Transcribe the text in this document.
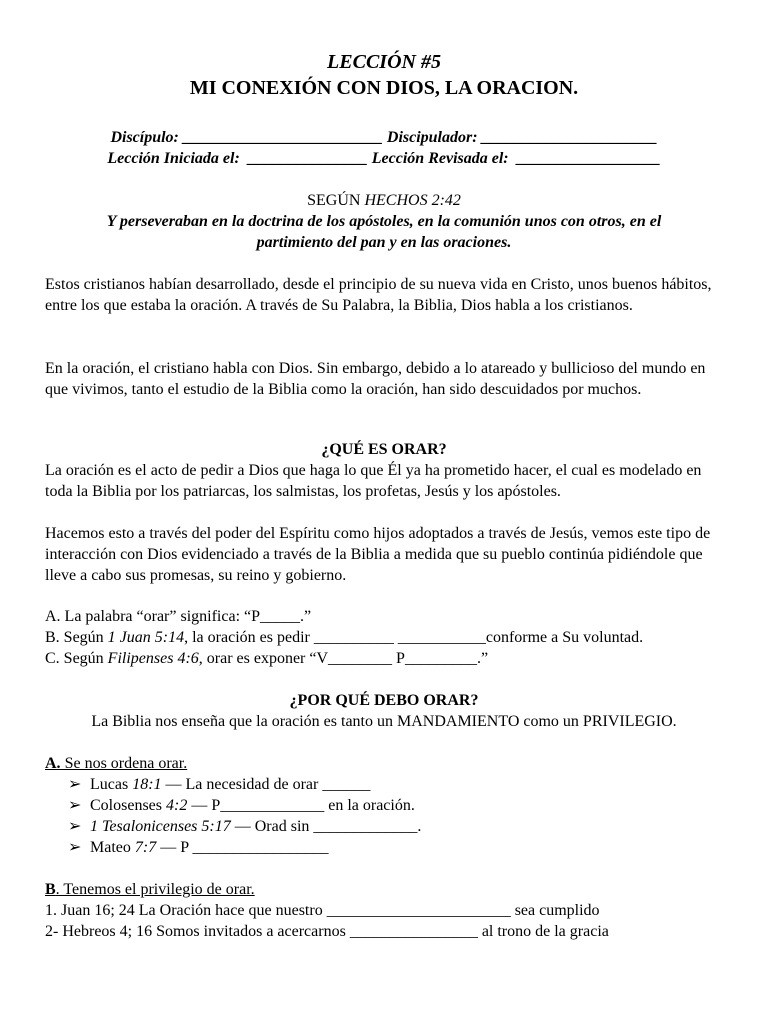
LECCIÓN #5
MI CONEXIÓN CON DIOS, LA ORACION.
Discípulo: _________________________ Discipulador: ______________________
Lección Iniciada el:  _______________ Lección Revisada el:  __________________
SEGÚN HECHOS 2:42
Y perseveraban en la doctrina de los apóstoles, en la comunión unos con otros, en el
partimiento del pan y en las oraciones.
Estos cristianos habían desarrollado, desde el principio de su nueva vida en Cristo, unos buenos hábitos, entre los que estaba la oración. A través de Su Palabra, la Biblia, Dios habla a los cristianos.
En la oración, el cristiano habla con Dios. Sin embargo, debido a lo atareado y bullicioso del mundo en que vivimos, tanto el estudio de la Biblia como la oración, han sido descuidados por muchos.
¿QUÉ ES ORAR?
La oración es el acto de pedir a Dios que haga lo que Él ya ha prometido hacer, el cual es modelado en toda la Biblia por los patriarcas, los salmistas, los profetas, Jesús y los apóstoles.
Hacemos esto a través del poder del Espíritu como hijos adoptados a través de Jesús, vemos este tipo de interacción con Dios evidenciado a través de la Biblia a medida que su pueblo continúa pidiéndole que lleve a cabo sus promesas, su reino y gobierno.
A. La palabra “orar” significa: “P_____.”
B. Según 1 Juan 5:14, la oración es pedir __________ ___________conforme a Su voluntad.
C. Según Filipenses 4:6, orar es exponer “V________ P_________.”
¿POR QUÉ DEBO ORAR?
La Biblia nos enseña que la oración es tanto un MANDAMIENTO como un PRIVILEGIO.
A. Se nos ordena orar.
➢ Lucas 18:1 — La necesidad de orar ______
➢ Colosenses 4:2 — P_____________ en la oración.
➢ 1 Tesalonicenses 5:17 — Orad sin _____________.
➢ Mateo 7:7 — P _________________
B. Tenemos el privilegio de orar.
1. Juan 16; 24 La Oración hace que nuestro _______________________ sea cumplido
2- Hebreos 4; 16 Somos invitados a acercarnos ________________ al trono de la gracia
